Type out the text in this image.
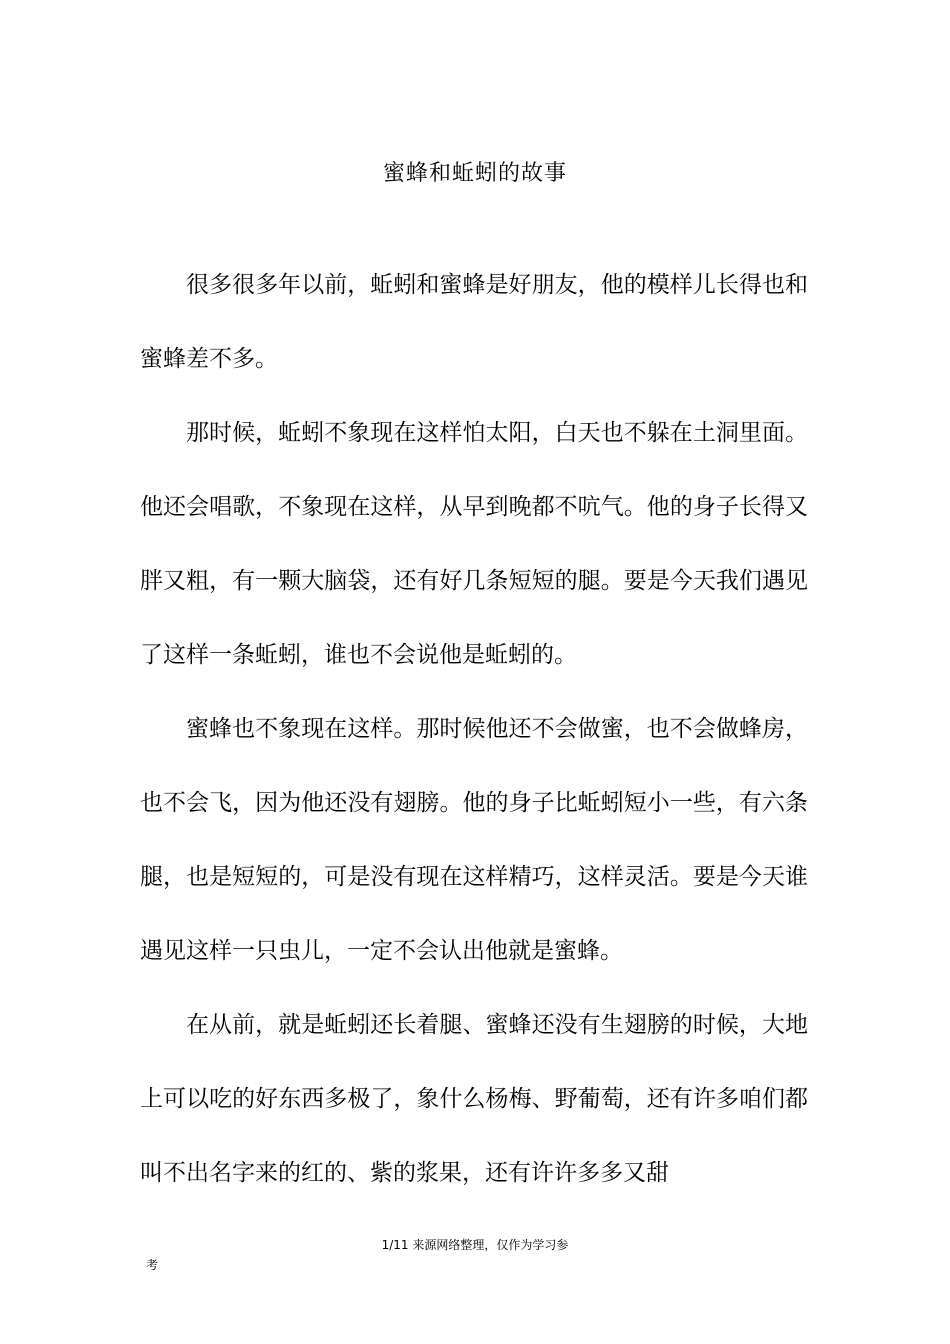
蜜蜂和蚯蚓的故事

很多很多年以前，蚯蚓和蜜蜂是好朋友，他的模样儿长得也和蜜蜂差不多。

那时候，蚯蚓不象现在这样怕太阳，白天也不躲在土洞里面。他还会唱歌，不象现在这样，从早到晚都不吭气。他的身子长得又胖又粗，有一颗大脑袋，还有好几条短短的腿。要是今天我们遇见了这样一条蚯蚓，谁也不会说他是蚯蚓的。

蜜蜂也不象现在这样。那时候他还不会做蜜，也不会做蜂房，也不会飞，因为他还没有翅膀。他的身子比蚯蚓短小一些，有六条腿，也是短短的，可是没有现在这样精巧，这样灵活。要是今天谁遇见这样一只虫儿，一定不会认出他就是蜜蜂。

在从前，就是蚯蚓还长着腿、蜜蜂还没有生翅膀的时候，大地上可以吃的好东西多极了，象什么杨梅、野葡萄，还有许多咱们都叫不出名字来的红的、紫的浆果，还有许许多多又甜

1/11 来源网络整理，仅作为学习参
考
